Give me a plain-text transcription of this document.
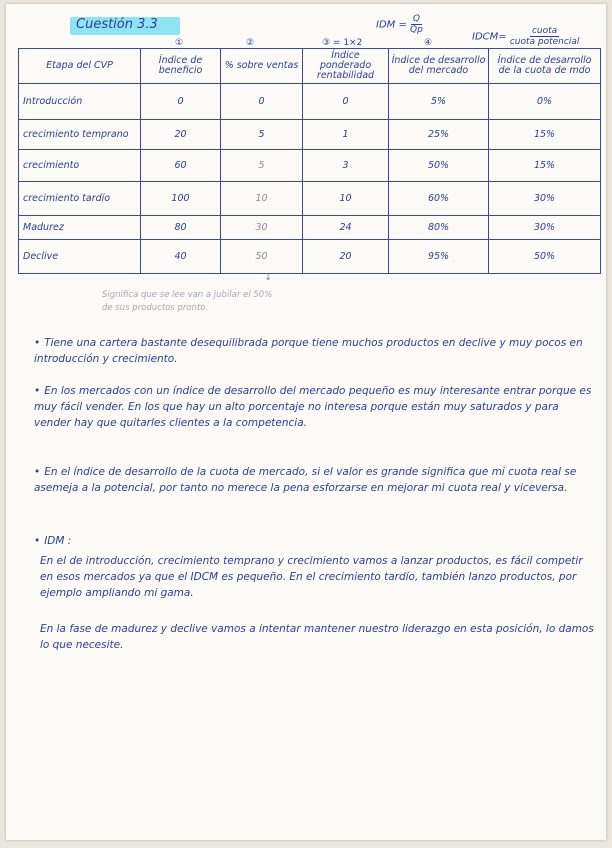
Cuestión 3.3	IDM = $\frac{Q}{Qp}$
IDCM= $\frac{\text{cuota}}{\text{cuota potencial}}$
①	②	③ = 1×2	④
Etapa del CVP	Índice de beneficio	% sobre ventas	Índice ponderado rentabilidad	Índice de desarrollo del mercado	Índice de desarrollo de la cuota de mdo
Introducción	0	0	0	5%	0%
crecimiento temprano	20	5	1	25%	15%
crecimiento	60	5	3	50%	15%
crecimiento tardío	100	10	10	60%	30%
Madurez	80	30	24	80%	30%
Declive	40	50	20	95%	50%
↓
Significa que se lee van a jubilar el 50%
de sus productos pronto.
• Tiene una cartera bastante desequilibrada porque tiene muchos productos en declive y muy pocos en introducción y crecimiento.
• En los mercados con un índice de desarrollo del mercado pequeño es muy interesante entrar porque es muy fácil vender. En los que hay un alto porcentaje no interesa porque están muy saturados y para vender hay que quitarles clientes a la competencia.
• En el índice de desarrollo de la cuota de mercado, si el valor es grande significa que mi cuota real se asemeja a la potencial, por tanto no merece la pena esforzarse en mejorar mi cuota real y viceversa.
• IDM :
En el de introducción, crecimiento temprano y crecimiento vamos a lanzar productos, es fácil competir en esos mercados ya que el IDCM es pequeño. En el crecimiento tardío, también lanzo productos, por ejemplo ampliando mi gama.
En la fase de madurez y declive vamos a intentar mantener nuestro liderazgo en esta posición, lo damos lo que necesite.
